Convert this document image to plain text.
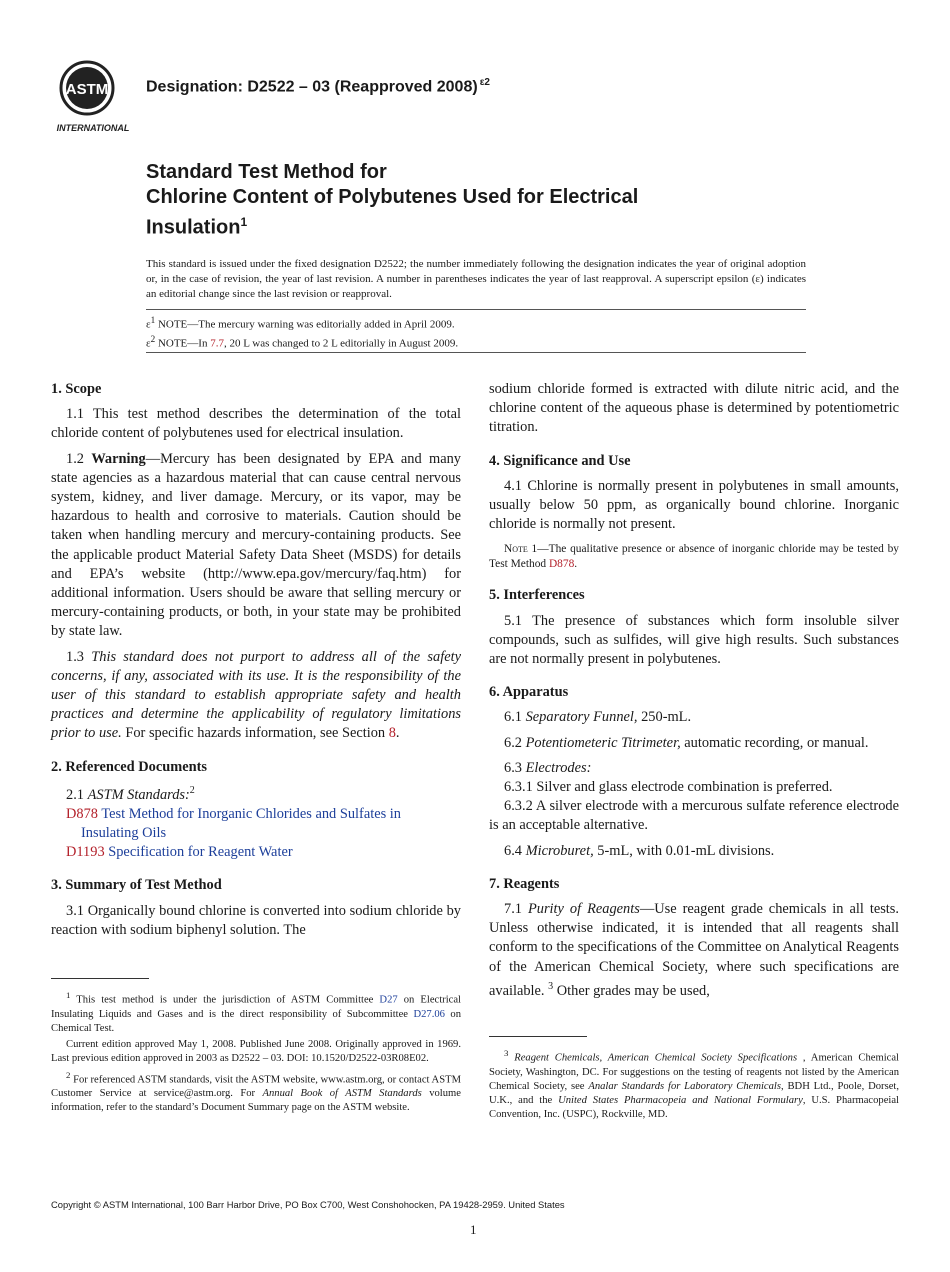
ASTM
INTERNATIONAL
Designation: D2522 – 03 (Reapproved 2008) $^{\varepsilon 2}$
Standard Test Method for
Chlorine Content of Polybutenes Used for Electrical
Insulation$^1$
This standard is issued under the fixed designation D2522; the number immediately following the designation indicates the year of original adoption or, in the case of revision, the year of last revision. A number in parentheses indicates the year of last reapproval. A superscript epsilon (ε) indicates an editorial change since the last revision or reapproval.
$\varepsilon^1$ NOTE—The mercury warning was editorially added in April 2009.
$\varepsilon^2$ NOTE—In 7.7, 20 L was changed to 2 L editorially in August 2009.
1. Scope

1.1 This test method describes the determination of the total chloride content of polybutenes used for electrical insulation.

1.2 Warning—Mercury has been designated by EPA and many state agencies as a hazardous material that can cause central nervous system, kidney, and liver damage. Mercury, or its vapor, may be hazardous to health and corrosive to materials. Caution should be taken when handling mercury and mercury-containing products. See the applicable product Material Safety Data Sheet (MSDS) for details and EPA’s website (http://www.epa.gov/mercury/faq.htm) for additional information. Users should be aware that selling mercury or mercury-containing products, or both, in your state may be prohibited by state law.

1.3 This standard does not purport to address all of the safety concerns, if any, associated with its use. It is the responsibility of the user of this standard to establish appropriate safety and health practices and determine the applicability of regulatory limitations prior to use. For specific hazards information, see Section 8.

2. Referenced Documents

2.1 ASTM Standards:$^2$

D878 Test Method for Inorganic Chlorides and Sulfates in Insulating Oils

D1193 Specification for Reagent Water

3. Summary of Test Method

3.1 Organically bound chlorine is converted into sodium chloride by reaction with sodium biphenyl solution. The

$^1$ This test method is under the jurisdiction of ASTM Committee D27 on Electrical Insulating Liquids and Gases and is the direct responsibility of Subcommittee D27.06 on Chemical Test.

Current edition approved May 1, 2008. Published June 2008. Originally approved in 1969. Last previous edition approved in 2003 as D2522 – 03. DOI: 10.1520/D2522-03R08E02.

$^2$ For referenced ASTM standards, visit the ASTM website, www.astm.org, or contact ASTM Customer Service at service@astm.org. For Annual Book of ASTM Standards volume information, refer to the standard’s Document Summary page on the ASTM website.

sodium chloride formed is extracted with dilute nitric acid, and the chlorine content of the aqueous phase is determined by potentiometric titration.

4. Significance and Use

4.1 Chlorine is normally present in polybutenes in small amounts, usually below 50 ppm, as organically bound chlorine. Inorganic chloride is normally not present.

Note 1—The qualitative presence or absence of inorganic chloride may be tested by Test Method D878.

5. Interferences

5.1 The presence of substances which form insoluble silver compounds, such as sulfides, will give high results. Such substances are not normally present in polybutenes.

6. Apparatus

6.1 Separatory Funnel, 250-mL.

6.2 Potentiometeric Titrimeter, automatic recording, or manual.

6.3 Electrodes:

6.3.1 Silver and glass electrode combination is preferred.

6.3.2 A silver electrode with a mercurous sulfate reference electrode is an acceptable alternative.

6.4 Microburet, 5-mL, with 0.01-mL divisions.

7. Reagents

7.1 Purity of Reagents—Use reagent grade chemicals in all tests. Unless otherwise indicated, it is intended that all reagents shall conform to the specifications of the Committee on Analytical Reagents of the American Chemical Society, where such specifications are available. $^3$ Other grades may be used,

$^3$ Reagent Chemicals, American Chemical Society Specifications , American Chemical Society, Washington, DC. For suggestions on the testing of reagents not listed by the American Chemical Society, see Analar Standards for Laboratory Chemicals, BDH Ltd., Poole, Dorset, U.K., and the United States Pharmacopeia and National Formulary, U.S. Pharmacopeial Convention, Inc. (USPC), Rockville, MD.

Copyright © ASTM International, 100 Barr Harbor Drive, PO Box C700, West Conshohocken, PA 19428-2959. United States
1
